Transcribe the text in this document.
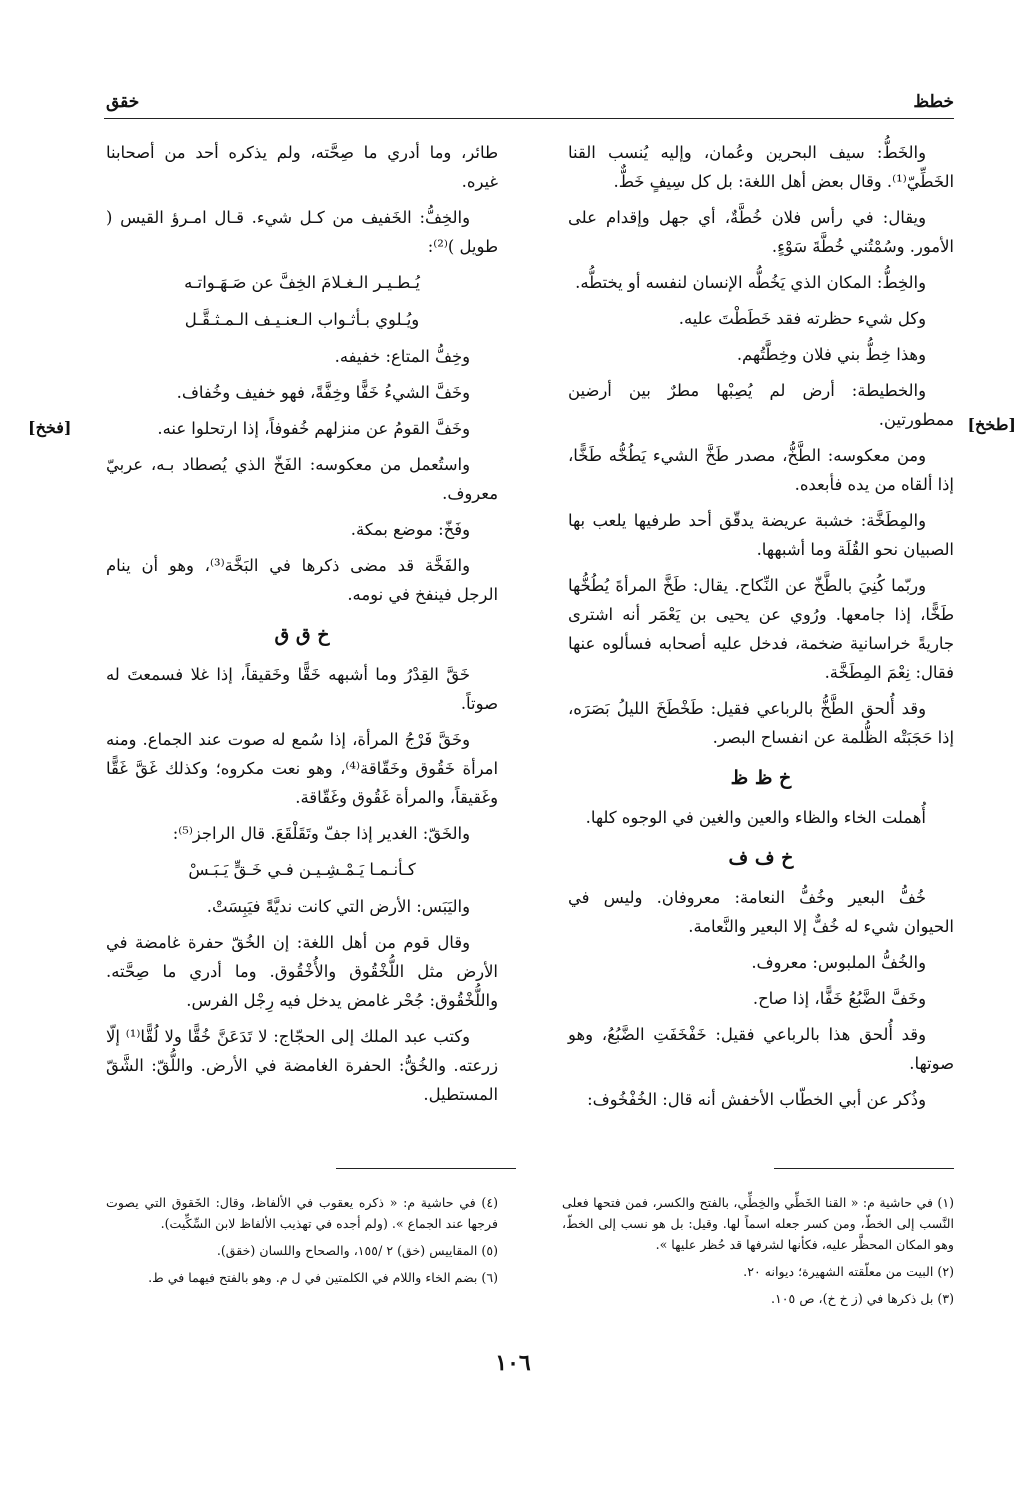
خطظ
خقق
[طخخ]
[فخخ]

والخَطُّ: سيف البحرين وعُمان، وإليه يُنسب القنا الخَطِّيّ⁽¹⁾. وقال بعض أهل اللغة: بل كل سِيفٍ خَطٌّ.

ويقال: في رأس فلان خُطَّةٌ، أي جهل وإقدام على الأمور. وسُمْتُني خُطَّةَ سَوْءٍ.

والخِطُّ: المكان الذي يَخُطُّه الإنسان لنفسه أو يختطُّه.

وكل شيء حظرته فقد خَطَطْتَ عليه.

وهذا خِطُّ بني فلان وخِطَّتُهم.

والخطيطة: أرض لم يُصِبْها مطرٌ بين أرضين ممطورتين.

ومن معكوسه: الطَّخُّ، مصدر طَخَّ الشيء يَطُخُّه طَخًّا، إذا ألقاه من يده فأبعده.

والمِطَخَّة: خشبة عريضة يدقّق أحد طرفيها يلعب بها الصبيان نحو القُلَة وما أشبهها.

وربّما كُنِيَ بالطَّخّ عن النِّكاح. يقال: طَخَّ المرأةَ يُطُخُّها طَخًّا، إذا جامعها. ورُوي عن يحيى بن يَعْمَر أنه اشترى جاريةً خراسانية ضخمة، فدخل عليه أصحابه فسألوه عنها فقال: نِعْمَ المِطَخَّة.

وقد أُلحق الطَّخُّ بالرباعي فقيل: طَخْطَخَ الليلُ بَصَرَه، إذا حَجَبَتْه الظُّلمة عن انفساح البصر.

خ ظ ظ

أُهملت الخاء والظاء والعين والغين في الوجوه كلها.

خ ف ف

خُفُّ البعير وخُفُّ النعامة: معروفان. وليس في الحيوان شيء له خُفٌّ إلا البعير والنَّعامة.

والخُفُّ الملبوس: معروف.

وخَفَّ الضَّبُعُ خَفًّا، إذا صاح.

وقد أُلحق هذا بالرباعي فقيل: خَفْخَفَتِ الضَّبُعُ، وهو صوتها.

وذُكر عن أبي الخطّاب الأخفش أنه قال: الخُفْخُوف:

طائر، وما أدري ما صِحَّته، ولم يذكره أحد من أصحابنا غيره.

والخِفُّ: الخَفيف من كـل شيء. قـال امـرؤ القيس ( طويل )⁽²⁾:

يُـطـيـر الـغـلامَ الخِفَّ عن صَـهَـواتـه
ويُـلوي بـأثـواب الـعنـيـف الـمـثـقَّـل

وخِفُّ المتاع: خفيفه.

وخَفَّ الشيءُ خَفًّا وخِفَّةً، فهو خفيف وخُفاف.

وخَفَّ القومُ عن منزلهم خُفوفاً، إذا ارتحلوا عنه.

واستُعمل من معكوسه: الفَخّ الذي يُصطاد بـه، عربيّ معروف.

وفَخّ: موضع بمكة.

والفَخَّة قد مضى ذكرها في البَخَّة⁽³⁾، وهو أن ينام الرجل فينفخ في نومه.

خ ق ق

خَقَّ القِدْرُ وما أشبهه خَقًّا وخَقيقاً، إذا غلا فسمعتَ له صوتاً.

وخَقَّ فَرْجُ المرأة، إذا سُمع له صوت عند الجماع. ومنه امرأة خَقُوق وخَقّاقة⁽⁴⁾، وهو نعت مكروه؛ وكذلك غَقَّ غَقًّا وغَقيقاً، والمرأة غَقُوق وغَقّاقة.

والخَقّ: الغدير إذا جفّ وتَقَلْقَعَ. قال الراجز⁽⁵⁾:

كـأنـمـا يَـمْـشِـيـن فـي خَـقٍّ يَـبَـسْ

واليَبَس: الأرض التي كانت نديَّةً فيَبِسَتْ.

وقال قوم من أهل اللغة: إن الخُقّ حفرة غامضة في الأرض مثل اللُّخْقُوق والأُخْقُوق. وما أدري ما صِحَّته. واللُّخْقُوق: جُحْر غامض يدخل فيه رِجْل الفرس.

وكتب عبد الملك إلى الحجّاج: لا تَدَعَنَّ خُقًّا ولا لُقًّا⁽¹⁾ إلّا زرعته. والخُقُّ: الحفرة الغامضة في الأرض. واللُّقّ: الشَّقّ المستطيل.

(١) في حاشية م: « القنا الخَطِّي والخِطِّي، بالفتح والكسر، فمن فتحها فعلى النَّسب إلى الخطّ، ومن كسر جعله اسماً لها. وقيل: بل هو نسب إلى الخطّ، وهو المكان المحظَّر عليه، فكأنها لشرفها قد حُظر عليها ».

(٢) البيت من معلّقته الشهيرة؛ ديوانه ٢٠.

(٣) بل ذكرها في (ز خ خ)، ص ١٠٥.

(٤) في حاشية م: « ذكره يعقوب في الألفاظ، وقال: الخَقوق التي يصوت فرجها عند الجماع ». (ولم أجده في تهذيب الألفاظ لابن السِّكِّيت).

(٥) المقاييس (خق) ٢ /١٥٥، والصحاح واللسان (خقق).

(٦) بضم الخاء واللام في الكلمتين في ل م. وهو بالفتح فيهما في ط.

١٠٦
